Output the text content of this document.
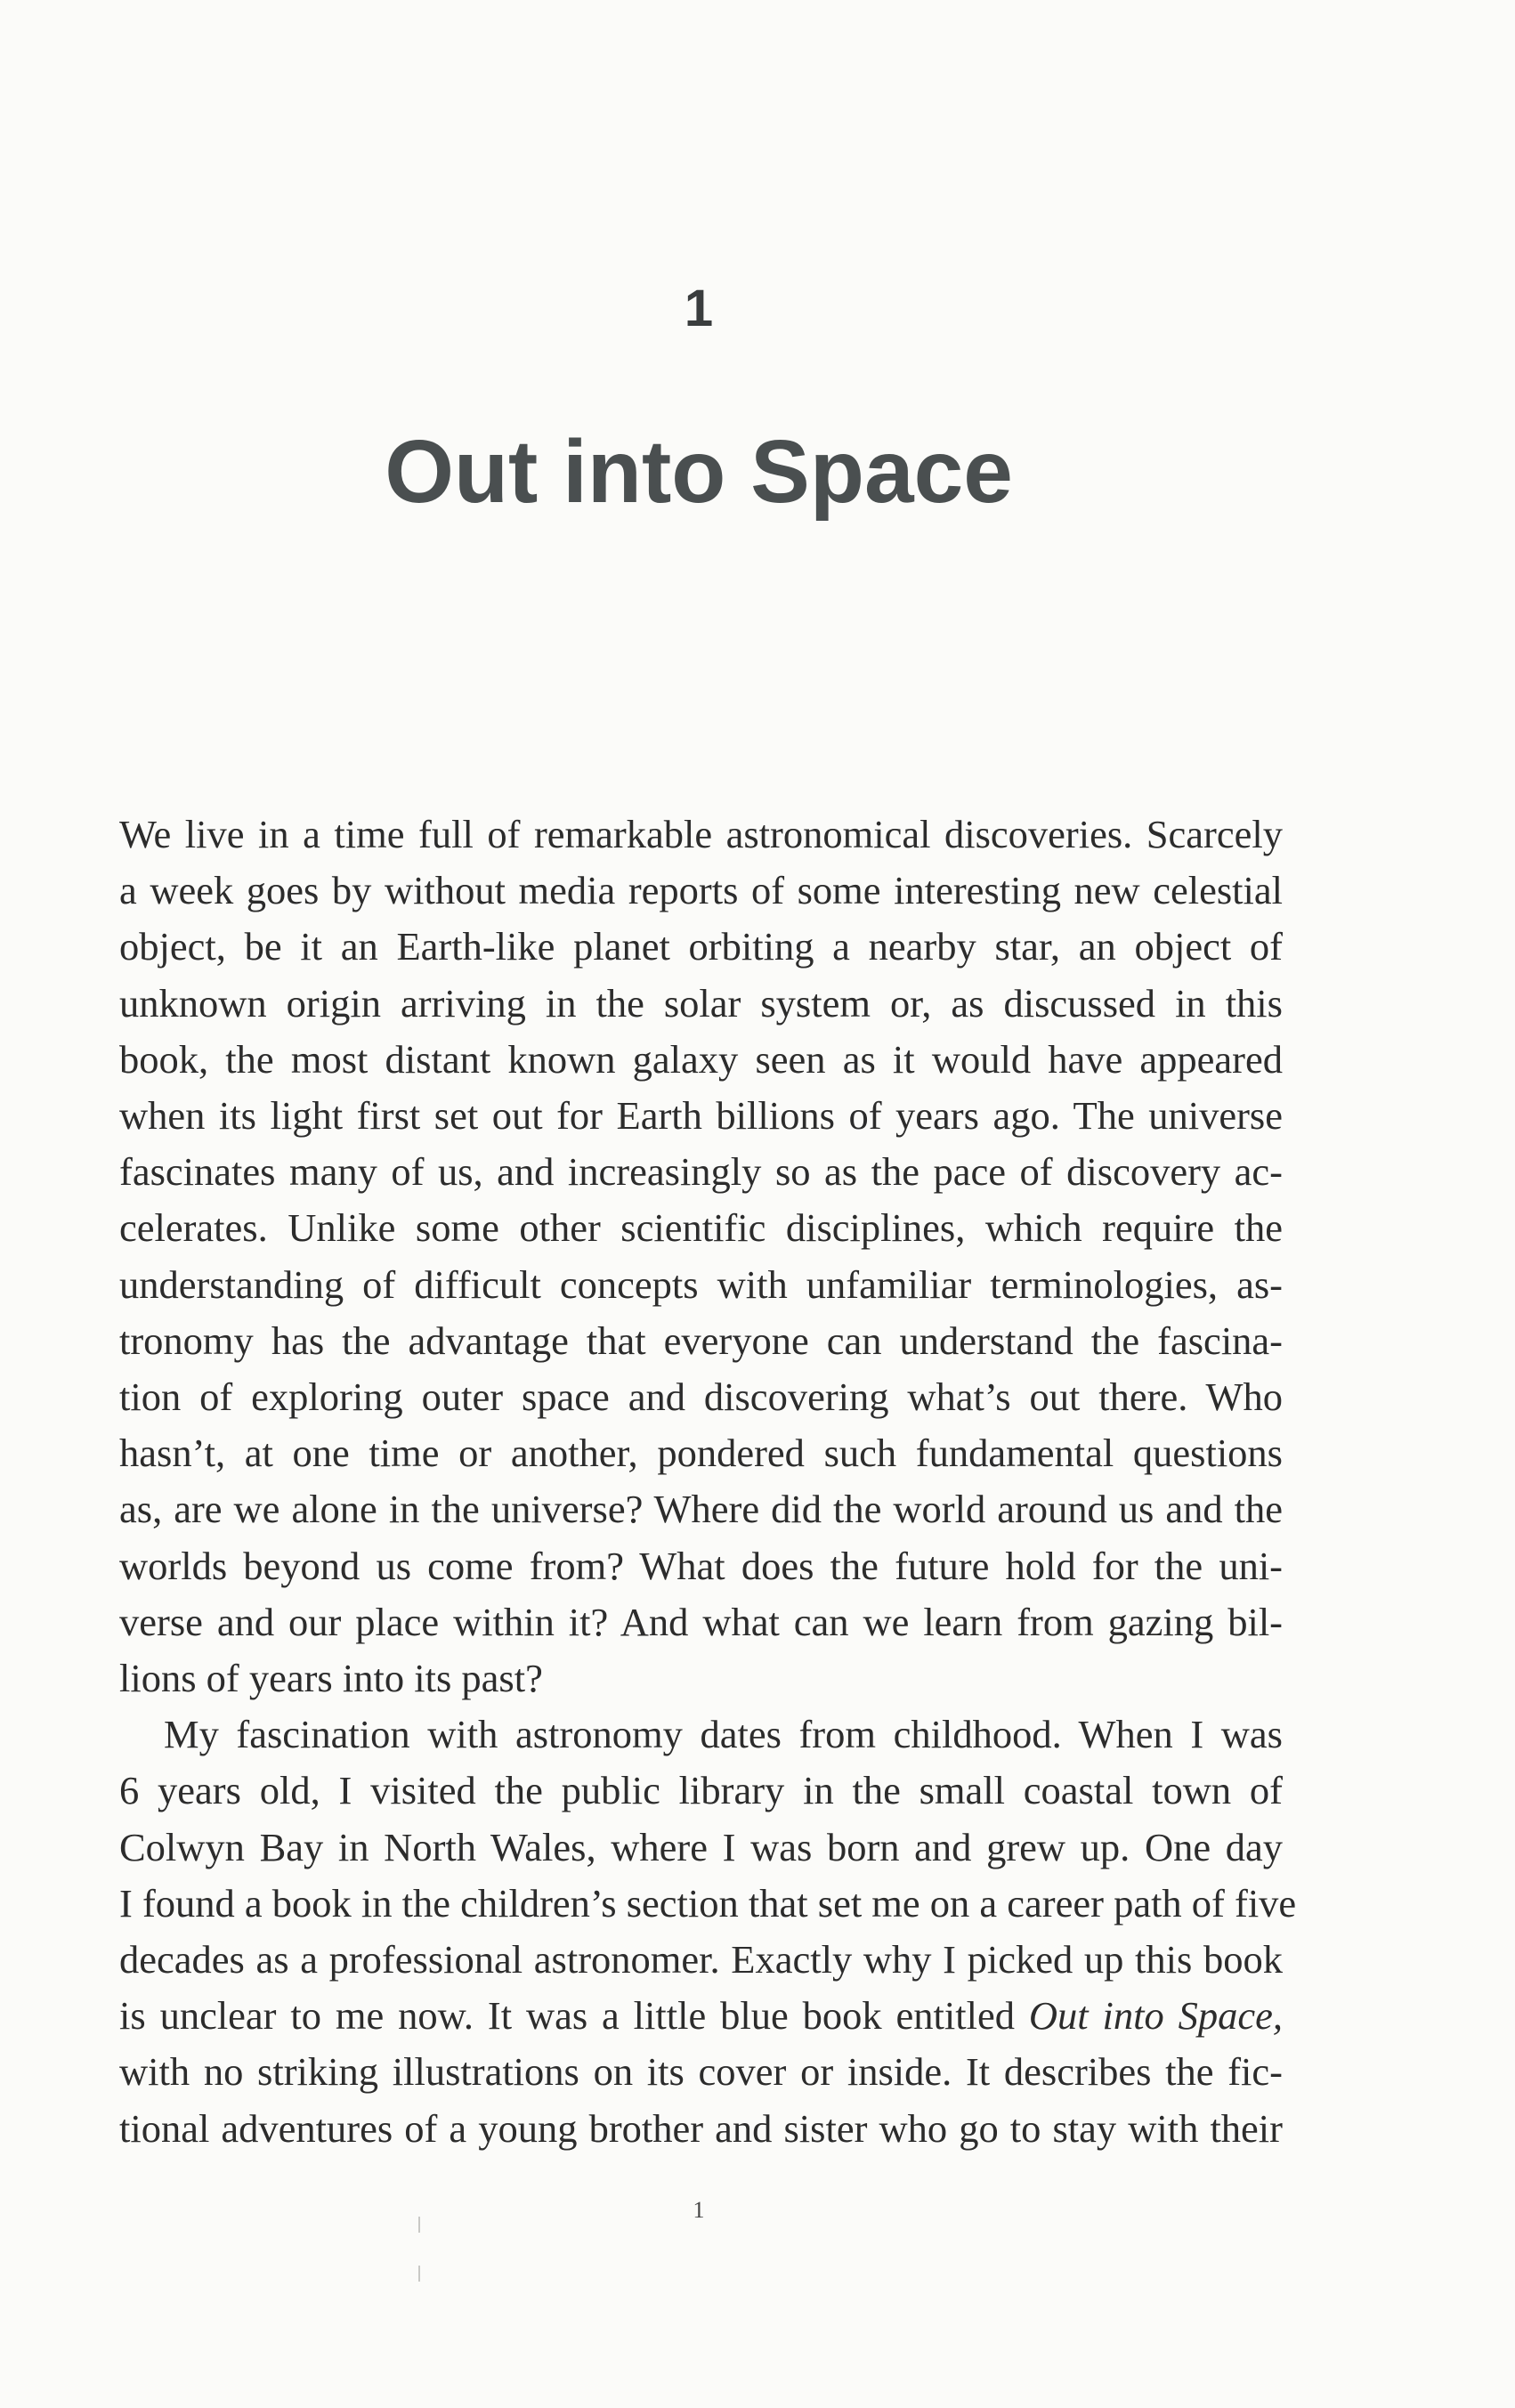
1
Out into Space
We live in a time full of remarkable astronomical discoveries. Scarcely
a week goes by without media reports of some interesting new celestial
object, be it an Earth-like planet orbiting a nearby star, an object of
unknown origin arriving in the solar system or, as discussed in this
book, the most distant known galaxy seen as it would have appeared
when its light first set out for Earth billions of years ago. The universe
fascinates many of us, and increasingly so as the pace of discovery ac-
celerates. Unlike some other scientific disciplines, which require the
understanding of difficult concepts with unfamiliar terminologies, as-
tronomy has the advantage that everyone can understand the fascina-
tion of exploring outer space and discovering what’s out there. Who
hasn’t, at one time or another, pondered such fundamental questions
as, are we alone in the universe? Where did the world around us and the
worlds beyond us come from? What does the future hold for the uni-
verse and our place within it? And what can we learn from gazing bil-
lions of years into its past?
My fascination with astronomy dates from childhood. When I was
6 years old, I visited the public library in the small coastal town of
Colwyn Bay in North Wales, where I was born and grew up. One day
I found a book in the children’s section that set me on a career path of five
decades as a professional astronomer. Exactly why I picked up this book
is unclear to me now. It was a little blue book entitled Out into Space,
with no striking illustrations on its cover or inside. It describes the fic-
tional adventures of a young brother and sister who go to stay with their
1
